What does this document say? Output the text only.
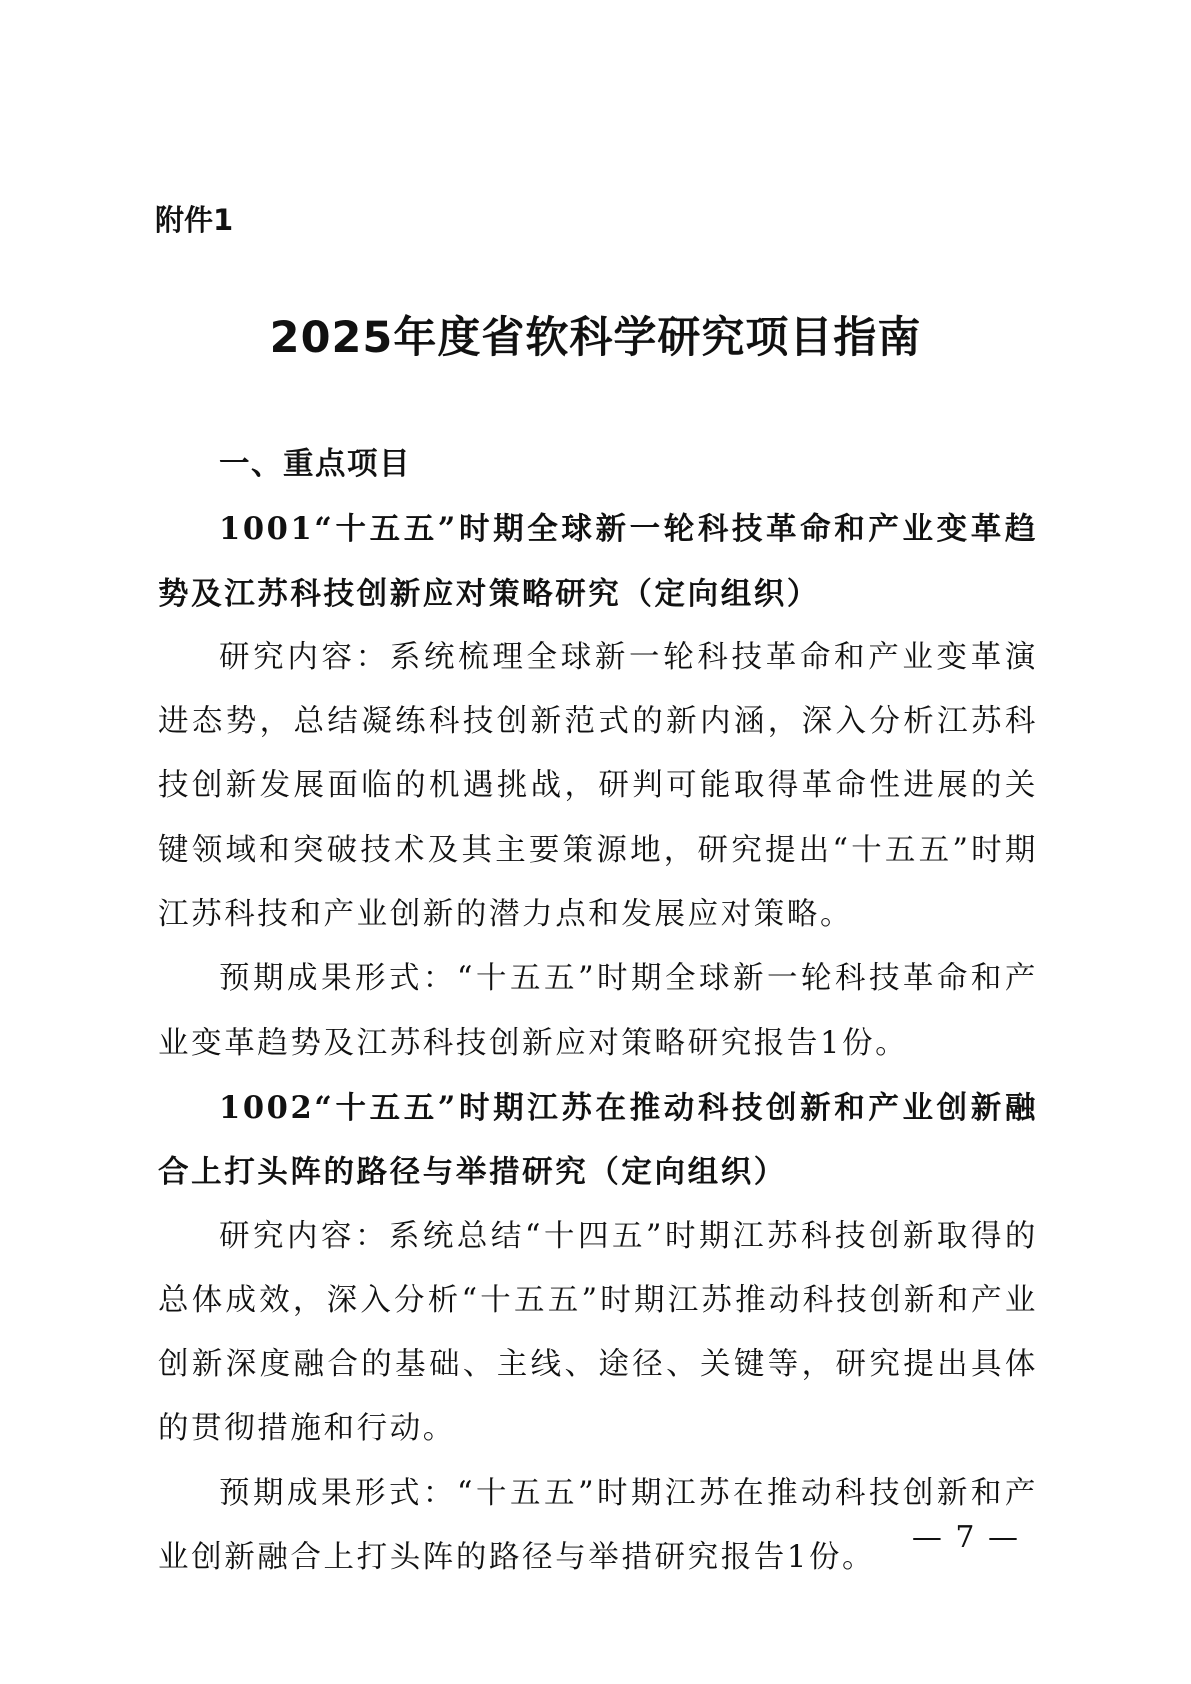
附件1
2025年度省软科学研究项目指南

一、重点项目

1001“十五五”时期全球新一轮科技革命和产业变革趋势及江苏科技创新应对策略研究（定向组织）

研究内容：系统梳理全球新一轮科技革命和产业变革演进态势，总结凝练科技创新范式的新内涵，深入分析江苏科技创新发展面临的机遇挑战，研判可能取得革命性进展的关键领域和突破技术及其主要策源地，研究提出“十五五”时期江苏科技和产业创新的潜力点和发展应对策略。

预期成果形式：“十五五”时期全球新一轮科技革命和产业变革趋势及江苏科技创新应对策略研究报告1份。

1002“十五五”时期江苏在推动科技创新和产业创新融合上打头阵的路径与举措研究（定向组织）

研究内容：系统总结“十四五”时期江苏科技创新取得的总体成效，深入分析“十五五”时期江苏推动科技创新和产业创新深度融合的基础、主线、途径、关键等，研究提出具体的贯彻措施和行动。

预期成果形式：“十五五”时期江苏在推动科技创新和产业创新融合上打头阵的路径与举措研究报告1份。

— 7 —
